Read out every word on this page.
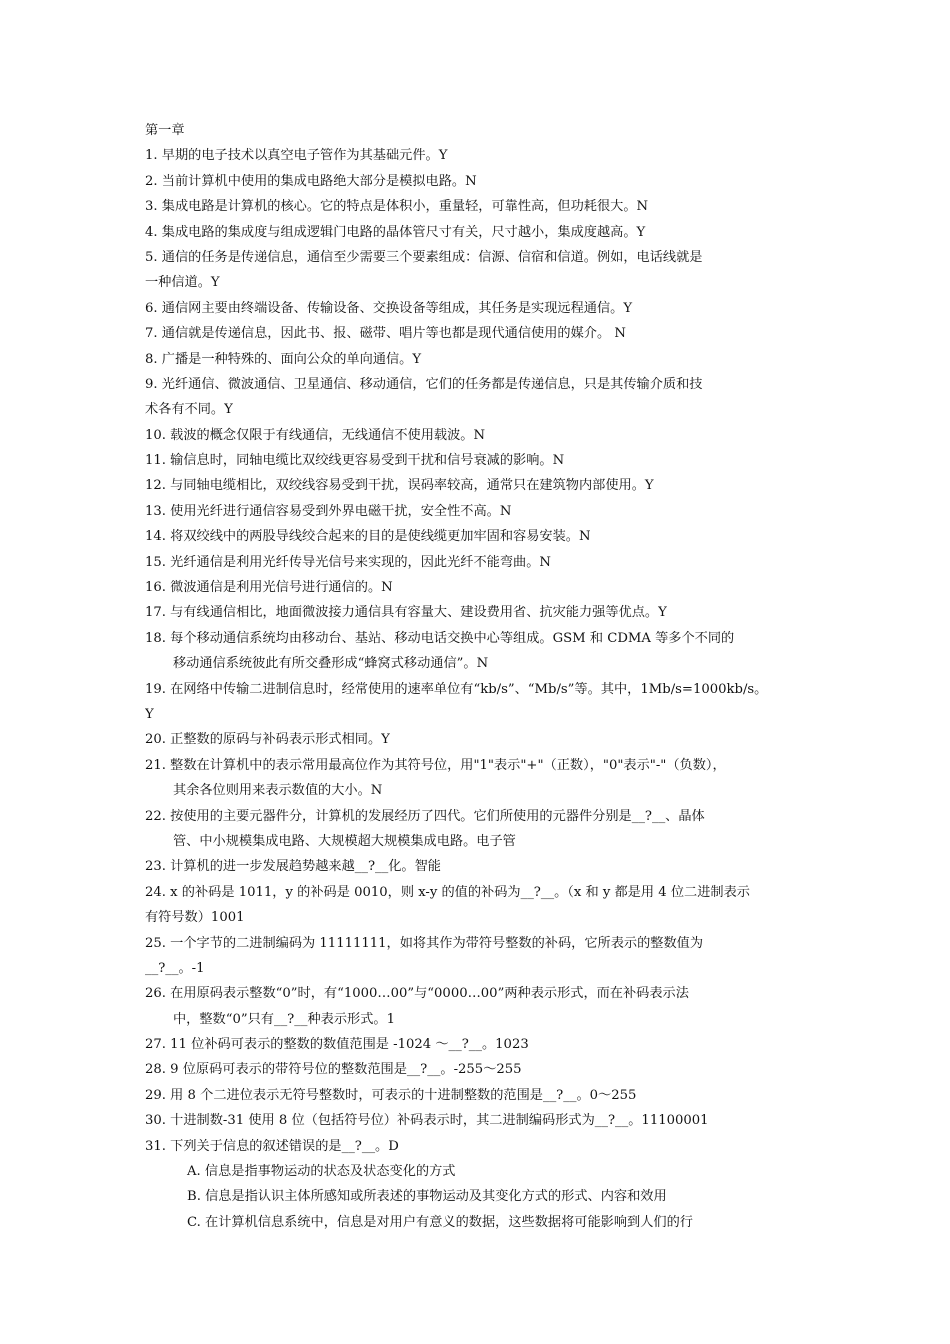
第一章
1. 早期的电子技术以真空电子管作为其基础元件。Y
2. 当前计算机中使用的集成电路绝大部分是模拟电路。N
3. 集成电路是计算机的核心。它的特点是体积小，重量轻，可靠性高，但功耗很大。N
4. 集成电路的集成度与组成逻辑门电路的晶体管尺寸有关，尺寸越小，集成度越高。Y
5. 通信的任务是传递信息，通信至少需要三个要素组成：信源、信宿和信道。例如，电话线就是
一种信道。Y
6. 通信网主要由终端设备、传输设备、交换设备等组成，其任务是实现远程通信。Y
7. 通信就是传递信息，因此书、报、磁带、唱片等也都是现代通信使用的媒介。 N
8. 广播是一种特殊的、面向公众的单向通信。Y
9. 光纤通信、微波通信、卫星通信、移动通信，它们的任务都是传递信息，只是其传输介质和技
术各有不同。Y
10. 载波的概念仅限于有线通信，无线通信不使用载波。N
11. 输信息时，同轴电缆比双绞线更容易受到干扰和信号衰减的影响。N
12. 与同轴电缆相比，双绞线容易受到干扰，误码率较高，通常只在建筑物内部使用。Y
13. 使用光纤进行通信容易受到外界电磁干扰，安全性不高。N
14. 将双绞线中的两股导线绞合起来的目的是使线缆更加牢固和容易安装。N
15. 光纤通信是利用光纤传导光信号来实现的，因此光纤不能弯曲。N
16. 微波通信是利用光信号进行通信的。N
17. 与有线通信相比，地面微波接力通信具有容量大、建设费用省、抗灾能力强等优点。Y
18. 每个移动通信系统均由移动台、基站、移动电话交换中心等组成。GSM 和 CDMA 等多个不同的
移动通信系统彼此有所交叠形成“蜂窝式移动通信”。N
19. 在网络中传输二进制信息时，经常使用的速率单位有“kb/s”、“Mb/s”等。其中，1Mb/s=1000kb/s。
Y
20. 正整数的原码与补码表示形式相同。Y
21. 整数在计算机中的表示常用最高位作为其符号位，用"1"表示"+"（正数），"0"表示"-"（负数），
其余各位则用来表示数值的大小。N
22. 按使用的主要元器件分，计算机的发展经历了四代。它们所使用的元器件分别是__?__、晶体
管、中小规模集成电路、大规模超大规模集成电路。电子管
23. 计算机的进一步发展趋势越来越__?__化。智能
24. x 的补码是 1011，y 的补码是 0010，则 x-y 的值的补码为__?__。（x 和 y 都是用 4 位二进制表示
有符号数）1001
25. 一个字节的二进制编码为 11111111，如将其作为带符号整数的补码，它所表示的整数值为
__?__。-1
26. 在用原码表示整数“0”时，有“1000…00”与“0000…00”两种表示形式，而在补码表示法
中，整数“0”只有__?__种表示形式。1
27. 11 位补码可表示的整数的数值范围是 -1024 ～__?__。1023
28. 9 位原码可表示的带符号位的整数范围是__?__。-255～255
29. 用 8 个二进位表示无符号整数时，可表示的十进制整数的范围是__?__。0～255
30. 十进制数-31 使用 8 位（包括符号位）补码表示时，其二进制编码形式为__?__。11100001
31. 下列关于信息的叙述错误的是__?__。D
A. 信息是指事物运动的状态及状态变化的方式
B. 信息是指认识主体所感知或所表述的事物运动及其变化方式的形式、内容和效用
C. 在计算机信息系统中，信息是对用户有意义的数据，这些数据将可能影响到人们的行
